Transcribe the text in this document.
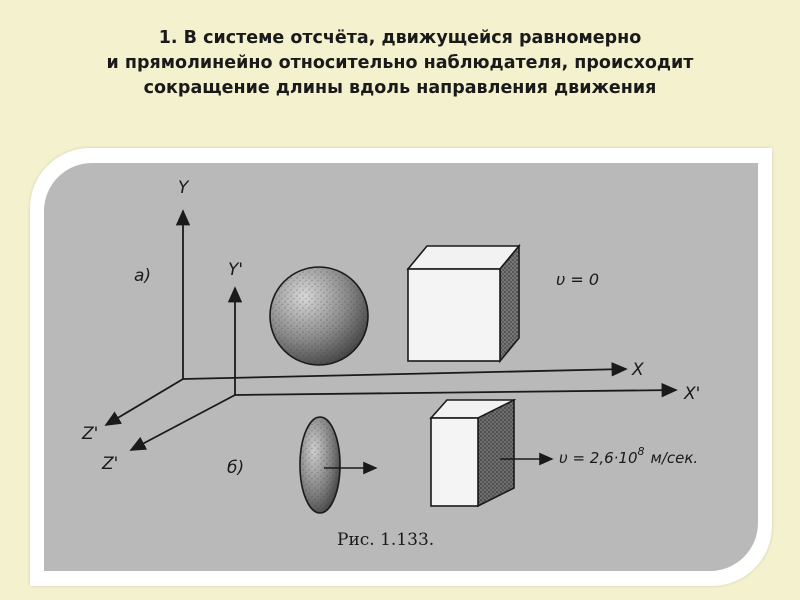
1. В системе отсчёта, движущейся равномерно
и прямолинейно относительно наблюдателя, происходит
сокращение длины вдоль направления движения
Y
Y'
X
X'
Z'
Z'
a)
б)
υ = 0
$\upsilon = 2,6\cdot 10^8$ м/сек.
Рис. 1.133.
